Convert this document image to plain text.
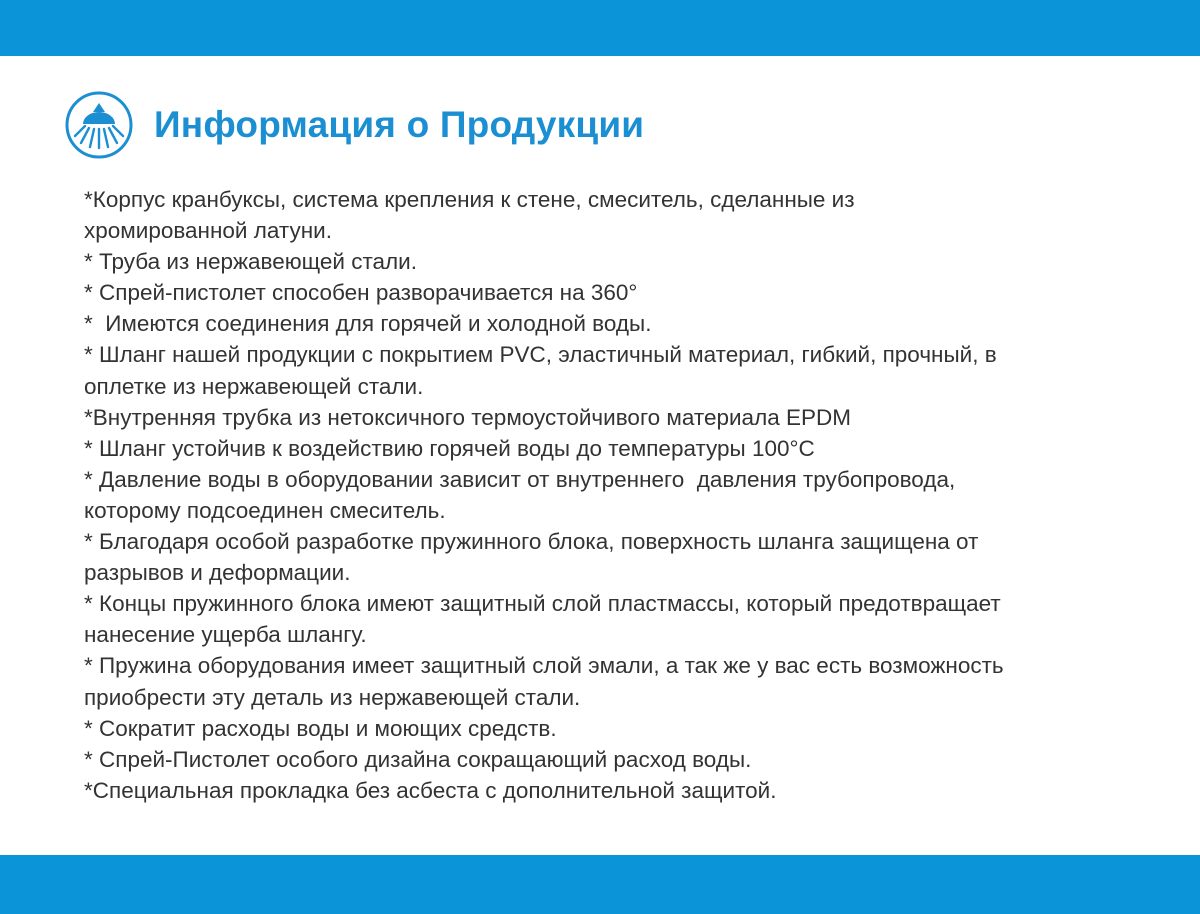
Информация о Продукции
*Корпус кранбуксы, система крепления к стене, смеситель, сделанные из
хромированной латуни.
* Труба из нержавеющей стали.
* Спрей-пистолет способен разворачивается на 360°
*  Имеются соединения для горячей и холодной воды.
* Шланг нашей продукции с покрытием PVC, эластичный материал, гибкий, прочный, в
оплетке из нержавеющей стали.
*Внутренняя трубка из нетоксичного термоустойчивого материала EPDM
* Шланг устойчив к воздействию горячей воды до температуры 100°С
* Давление воды в оборудовании зависит от внутреннего  давления трубопровода,
которому подсоединен смеситель.
* Благодаря особой разработке пружинного блока, поверхность шланга защищена от
разрывов и деформации.
* Концы пружинного блока имеют защитный слой пластмассы, который предотвращает
нанесение ущерба шлангу.
* Пружина оборудования имеет защитный слой эмали, а так же у вас есть возможность
приобрести эту деталь из нержавеющей стали.
* Сократит расходы воды и моющих средств.
* Спрей-Пистолет особого дизайна сокращающий расход воды.
*Специальная прокладка без асбеста с дополнительной защитой.
